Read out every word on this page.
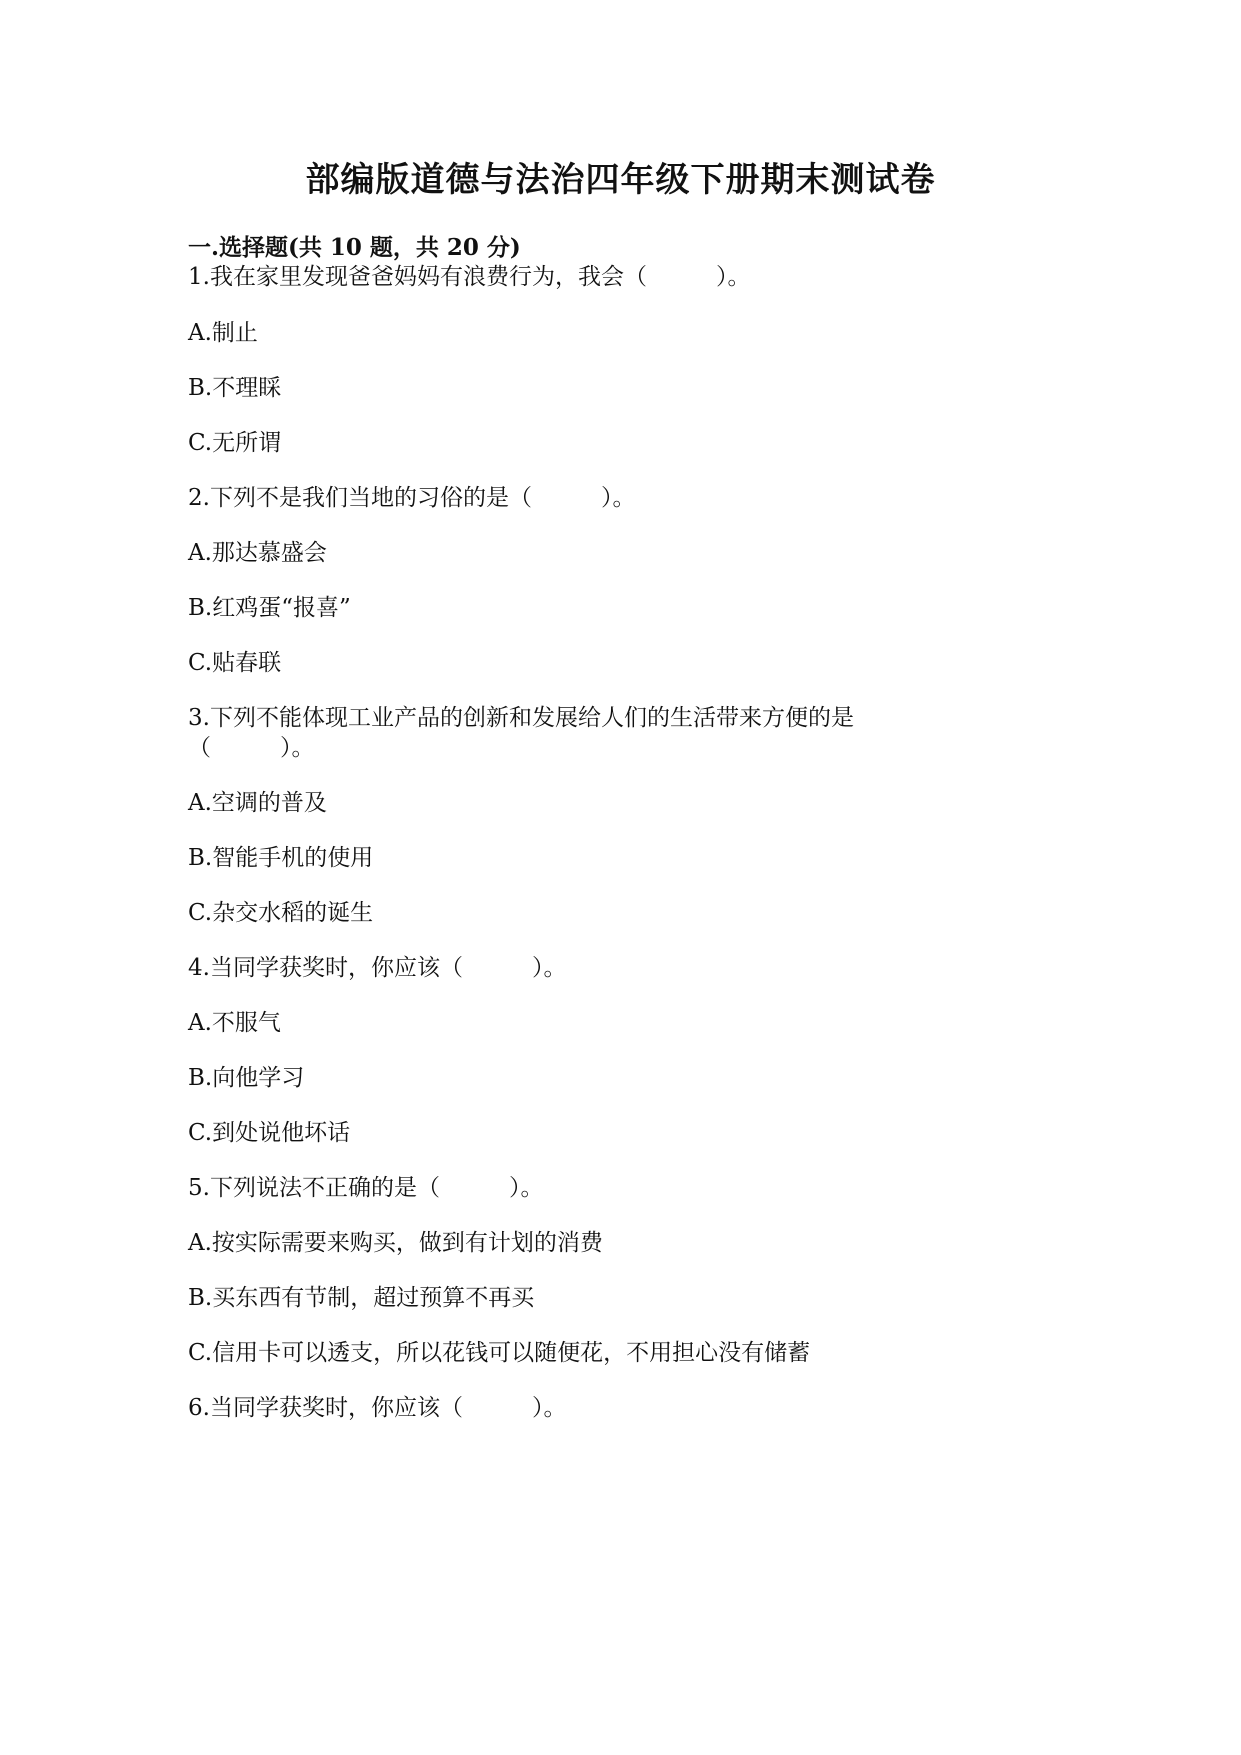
部编版道德与法治四年级下册期末测试卷
一.选择题(共 10 题，共 20 分)
1.我在家里发现爸爸妈妈有浪费行为，我会（　　　）。
A.制止
B.不理睬
C.无所谓
2.下列不是我们当地的习俗的是（　　　）。
A.那达慕盛会
B.红鸡蛋“报喜”
C.贴春联
3.下列不能体现工业产品的创新和发展给人们的生活带来方便的是
（　　　）。
A.空调的普及
B.智能手机的使用
C.杂交水稻的诞生
4.当同学获奖时，你应该（　　　）。
A.不服气
B.向他学习
C.到处说他坏话
5.下列说法不正确的是（　　　）。
A.按实际需要来购买，做到有计划的消费
B.买东西有节制，超过预算不再买
C.信用卡可以透支，所以花钱可以随便花，不用担心没有储蓄
6.当同学获奖时，你应该（　　　）。
